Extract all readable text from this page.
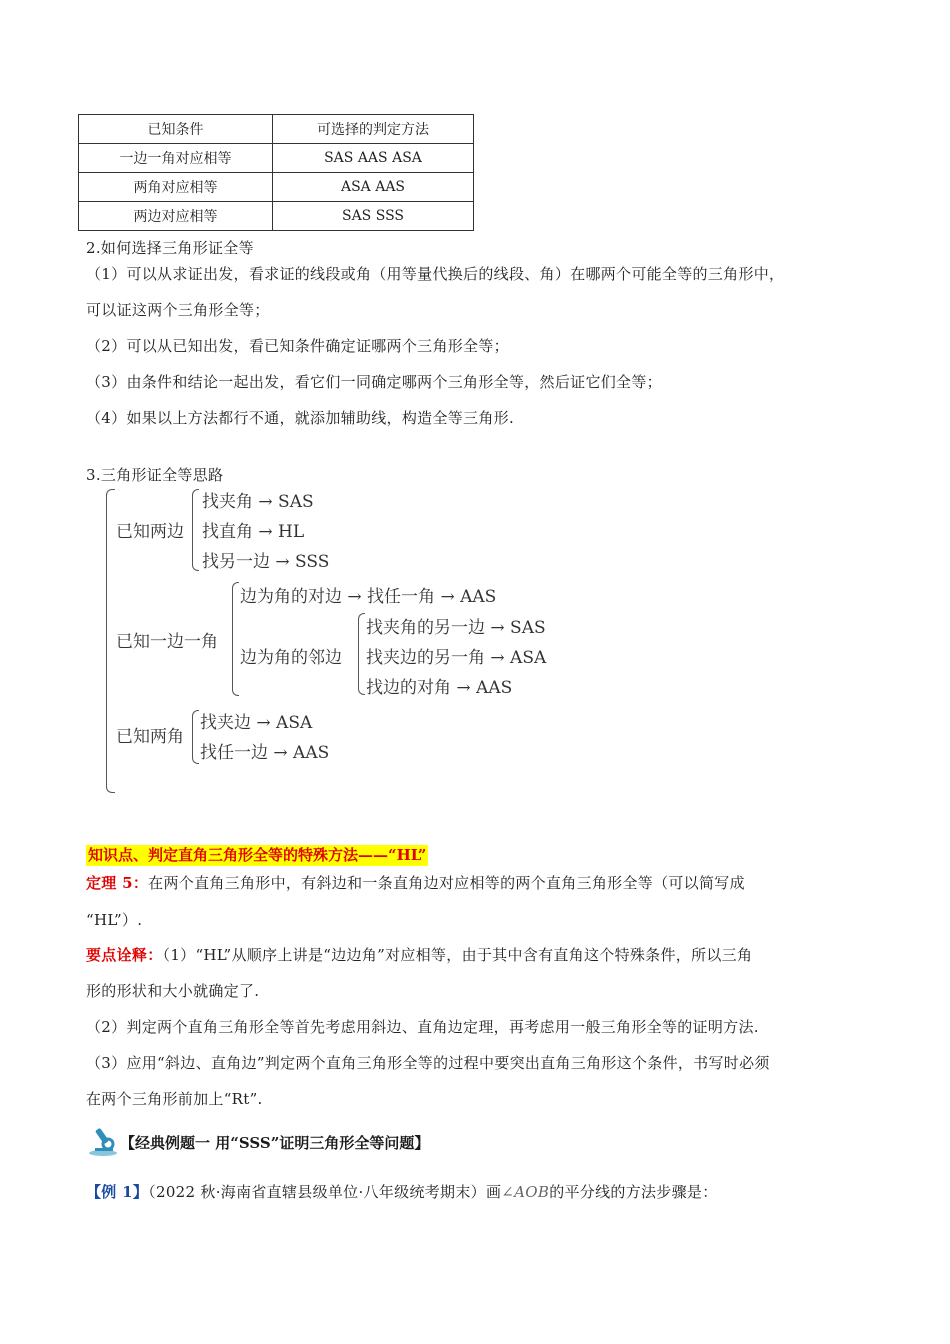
已知条件	可选择的判定方法
一边一角对应相等	SAS AAS ASA
两角对应相等	ASA AAS
两边对应相等	SAS SSS
2.如何选择三角形证全等
（1）可以从求证出发，看求证的线段或角（用等量代换后的线段、角）在哪两个可能全等的三角形中，
可以证这两个三角形全等；
（2）可以从已知出发，看已知条件确定证哪两个三角形全等；
（3）由条件和结论一起出发，看它们一同确定哪两个三角形全等，然后证它们全等；
（4）如果以上方法都行不通，就添加辅助线，构造全等三角形.
3.三角形证全等思路
已知两边
找夹角 → SAS
找直角 → HL
找另一边 → SSS
已知一边一角
边为角的对边 → 找任一角 → AAS
边为角的邻边
找夹角的另一边 → SAS
找夹边的另一角 → ASA
找边的对角 → AAS
已知两角
找夹边 → ASA
找任一边 → AAS
知识点、判定直角三角形全等的特殊方法——“HL”
定理 5：在两个直角三角形中，有斜边和一条直角边对应相等的两个直角三角形全等（可以简写成
“HL”）.
要点诠释：（1）“HL”从顺序上讲是“边边角”对应相等，由于其中含有直角这个特殊条件，所以三角
形的形状和大小就确定了.
（2）判定两个直角三角形全等首先考虑用斜边、直角边定理，再考虑用一般三角形全等的证明方法.
（3）应用“斜边、直角边”判定两个直角三角形全等的过程中要突出直角三角形这个条件，书写时必须
在两个三角形前加上“Rt”.
【经典例题一 用“SSS”证明三角形全等问题】
【例 1】（2022 秋·海南省直辖县级单位·八年级统考期末）画∠AOB的平分线的方法步骤是：
